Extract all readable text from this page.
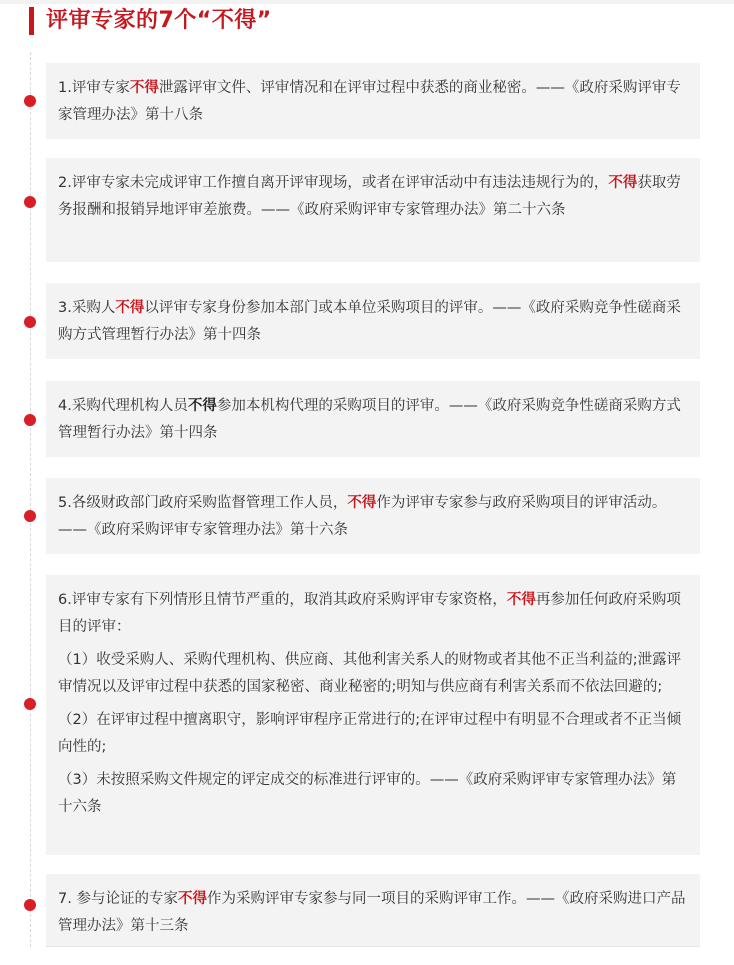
评审专家的7个“不得”

1.评审专家不得泄露评审文件、评审情况和在评审过程中获悉的商业秘密。——《政府采购评审专家管理办法》第十八条

2.评审专家未完成评审工作擅自离开评审现场，或者在评审活动中有违法违规行为的，不得获取劳务报酬和报销异地评审差旅费。——《政府采购评审专家管理办法》第二十六条

3.采购人不得以评审专家身份参加本部门或本单位采购项目的评审。——《政府采购竞争性磋商采购方式管理暂行办法》第十四条

4.采购代理机构人员不得参加本机构代理的采购项目的评审。——《政府采购竞争性磋商采购方式管理暂行办法》第十四条

5.各级财政部门政府采购监督管理工作人员，不得作为评审专家参与政府采购项目的评审活动。——《政府采购评审专家管理办法》第十六条

6.评审专家有下列情形且情节严重的，取消其政府采购评审专家资格，不得再参加任何政府采购项目的评审：

（1）收受采购人、采购代理机构、供应商、其他利害关系人的财物或者其他不正当利益的;泄露评审情况以及评审过程中获悉的国家秘密、商业秘密的;明知与供应商有利害关系而不依法回避的;

（2）在评审过程中擅离职守，影响评审程序正常进行的;在评审过程中有明显不合理或者不正当倾向性的;

（3）未按照采购文件规定的评定成交的标准进行评审的。——《政府采购评审专家管理办法》第十六条

7. 参与论证的专家不得作为采购评审专家参与同一项目的采购评审工作。——《政府采购进口产品管理办法》第十三条
